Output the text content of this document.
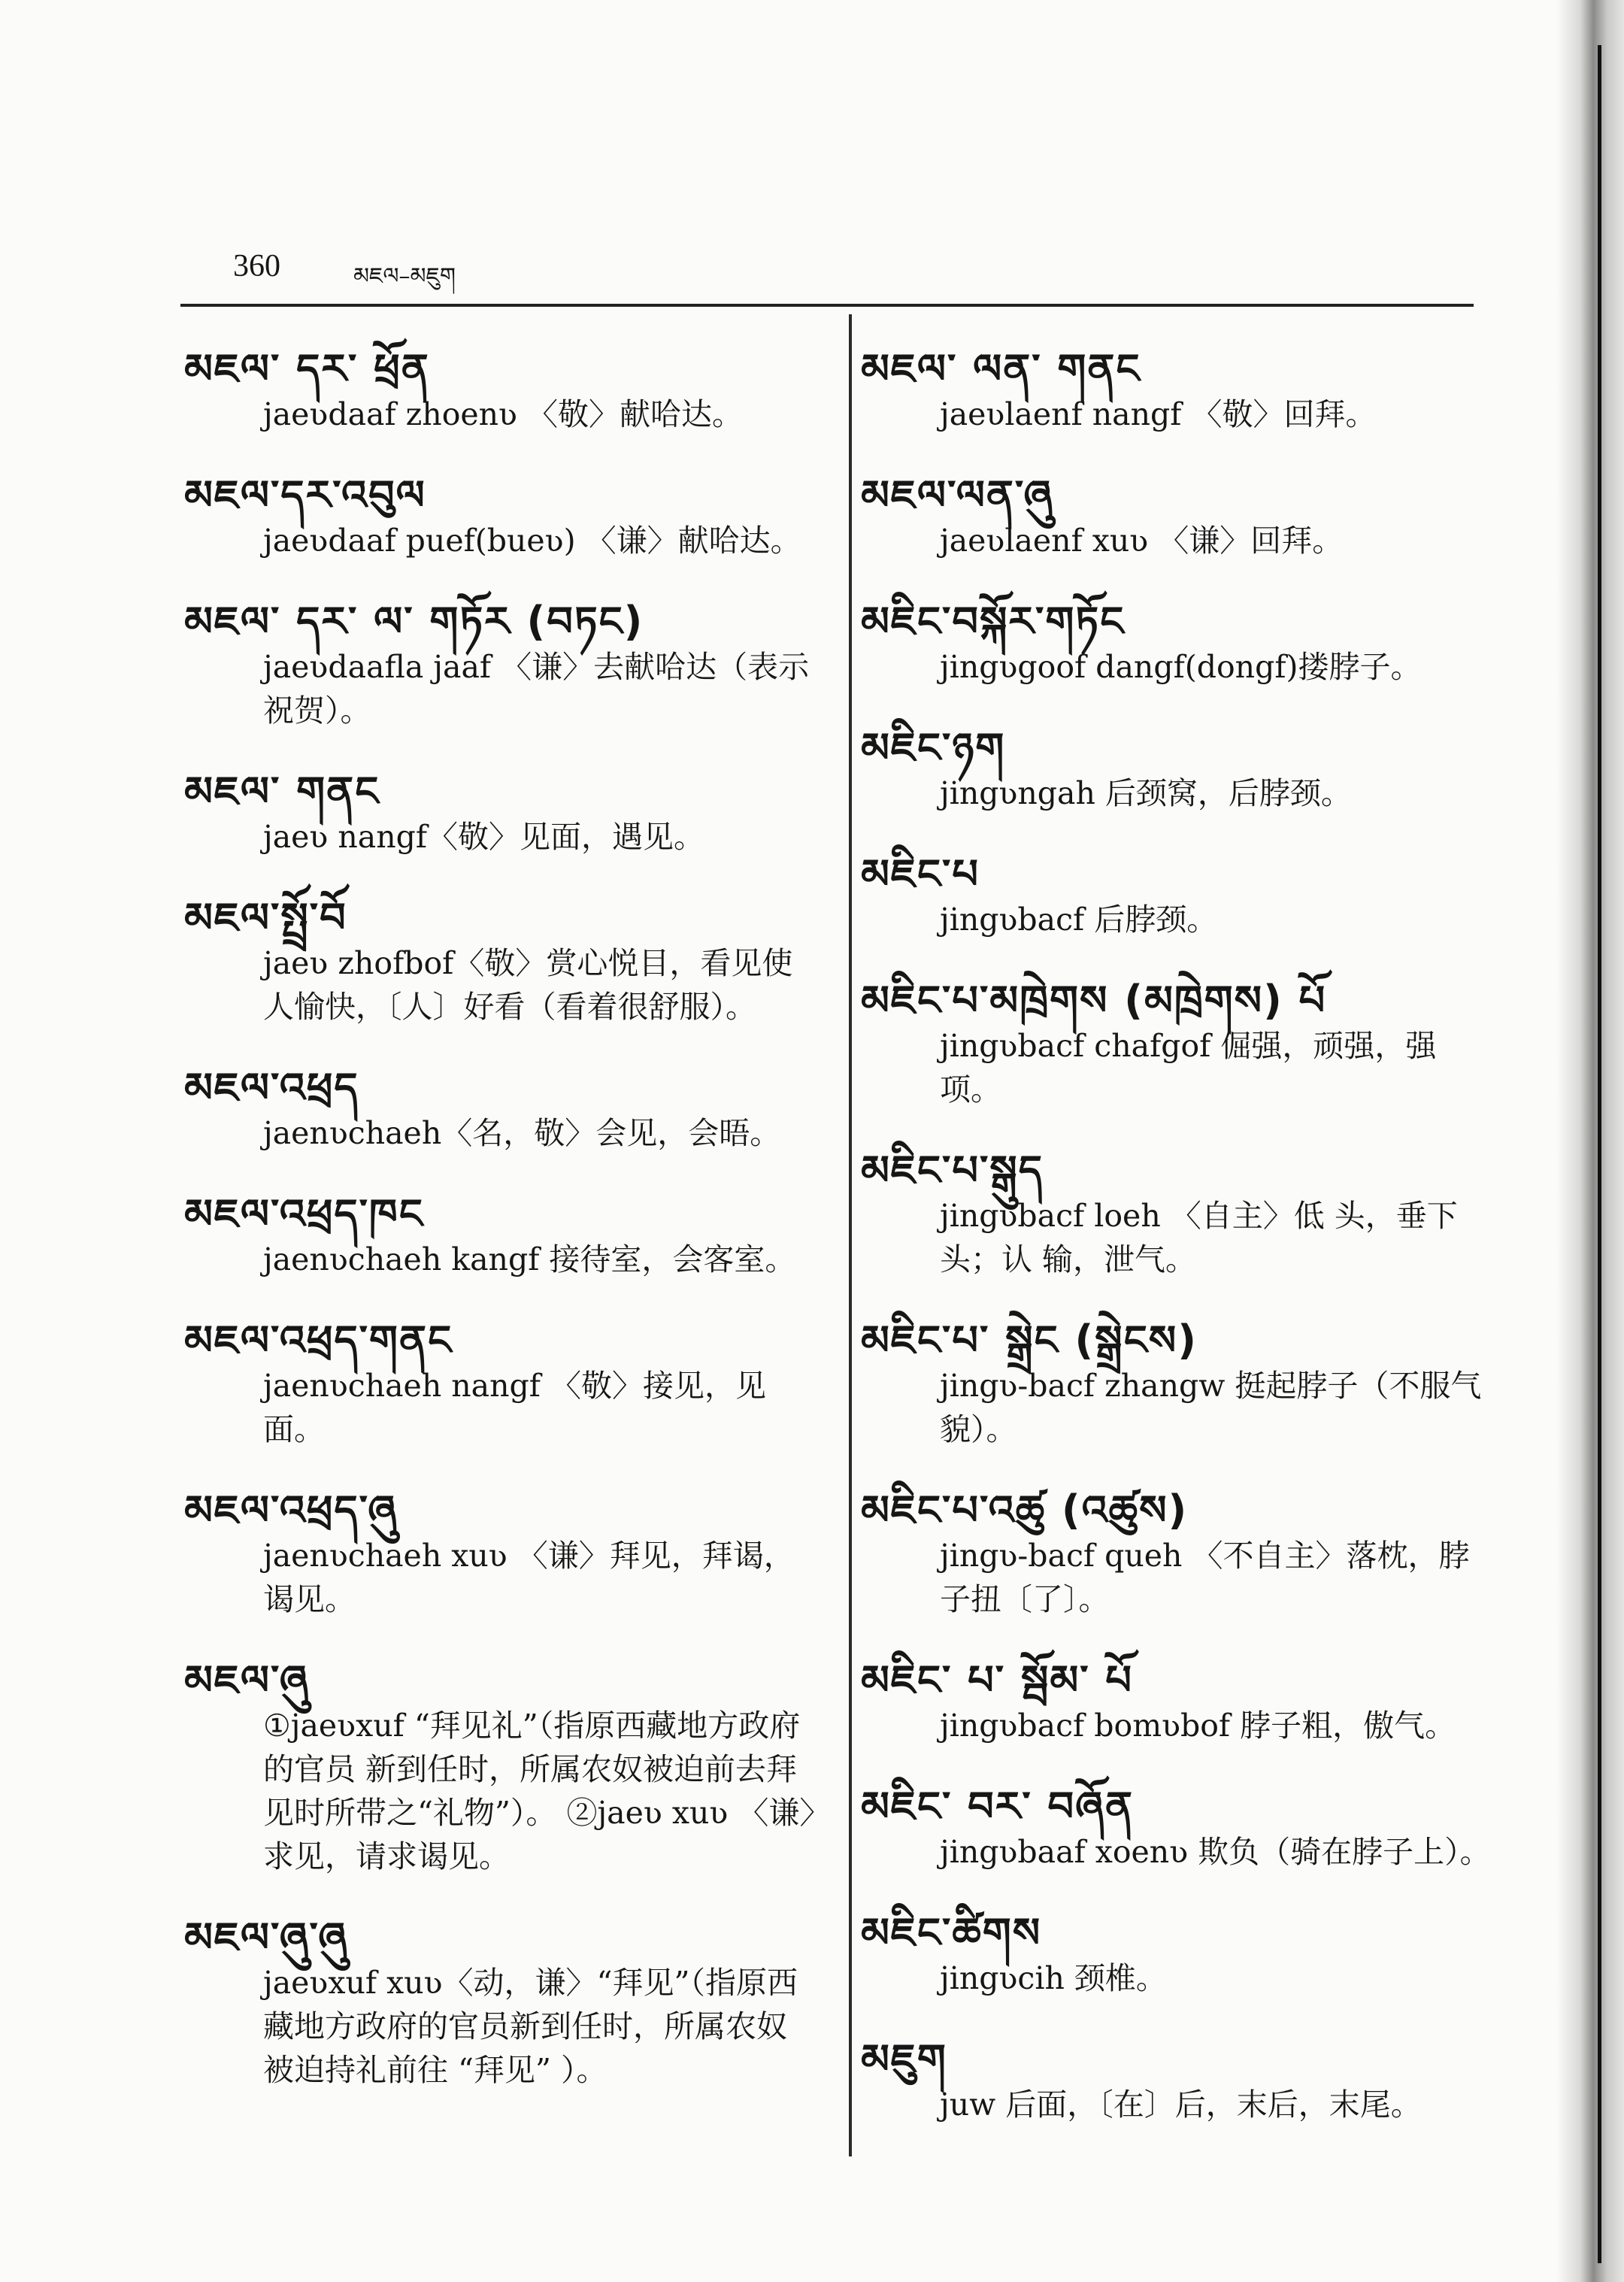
360	མཇལ–མཇུག
མཇལ་ དར་ ཕྲོན
jaeʋdaaf zhoenʋ 〈敬〉献哈达。
མཇལ་དར་འབུལ
jaeʋdaaf puef(bueʋ) 〈谦〉献哈达。
མཇལ་ དར་ ལ་ གཏོར (བཏང)
jaeʋdaafla jaaf 〈谦〉去献哈达（表示祝贺）。
མཇལ་ གནང
jaeʋ nangf〈敬〉见面，遇见。
མཇལ་སྤྲོ་བོ
jaeʋ zhofbof〈敬〉赏心悦目，看见使人愉快，〔人〕好看（看着很舒服）。
མཇལ་འཕྲད
jaenʋchaeh〈名，敬〉会见，会晤。
མཇལ་འཕྲད་ཁང
jaenʋchaeh kangf 接待室，会客室。
མཇལ་འཕྲད་གནང
jaenʋchaeh nangf 〈敬〉接见，见面。
མཇལ་འཕྲད་ཞུ
jaenʋchaeh xuʋ 〈谦〉拜见，拜谒，谒见。
མཇལ་ཞུ
①jaeʋxuf “拜见礼”（指原西藏地方政府的官员 新到任时，所属农奴被迫前去拜 见时所带之“礼物”）。 ②jaeʋ xuʋ 〈谦〉求见，请求谒见。
མཇལ་ཞུ་ཞུ
jaeʋxuf xuʋ〈动，谦〉“拜见”（指原西藏地方政府的官员新到任时，所属农奴 被迫持礼前往 “拜见” ）。
མཇལ་ ལན་ གནང
jaeʋlaenf nangf 〈敬〉回拜。
མཇལ་ལན་ཞུ
jaeʋlaenf xuʋ 〈谦〉回拜。
མཇིང་བསྐོར་གཏོང
jingʋgoof dangf(dongf)搂脖子。
མཇིང་ཉག
jingʋngah 后颈窝，后脖颈。
མཇིང་པ
jingʋbacf 后脖颈。
མཇིང་པ་མཁྲེགས (མཁྲེགས) པོ
jingʋbacf chafgof 倔强，顽强，强项。
མཇིང་པ་སྒུད
jingʋbacf loeh 〈自主〉低 头，垂下头；认 输，泄气。
མཇིང་པ་ སྒྲེང (སྒྲེངས)
jingʋ-bacf zhangw 挺起脖子（不服气貌）。
མཇིང་པ་འཚུ (འཚུས)
jingʋ-bacf queh 〈不自主〉落枕，脖子扭〔了〕。
མཇིང་ པ་ སྦོམ་ པོ
jingʋbacf bomʋbof 脖子粗，傲气。
མཇིང་ བར་ བཞོན
jingʋbaaf xoenʋ 欺负（骑在脖子上）。
མཇིང་ཚིགས
jingʋcih 颈椎。
མཇུག
juw 后面，〔在〕后，末后，末尾。
